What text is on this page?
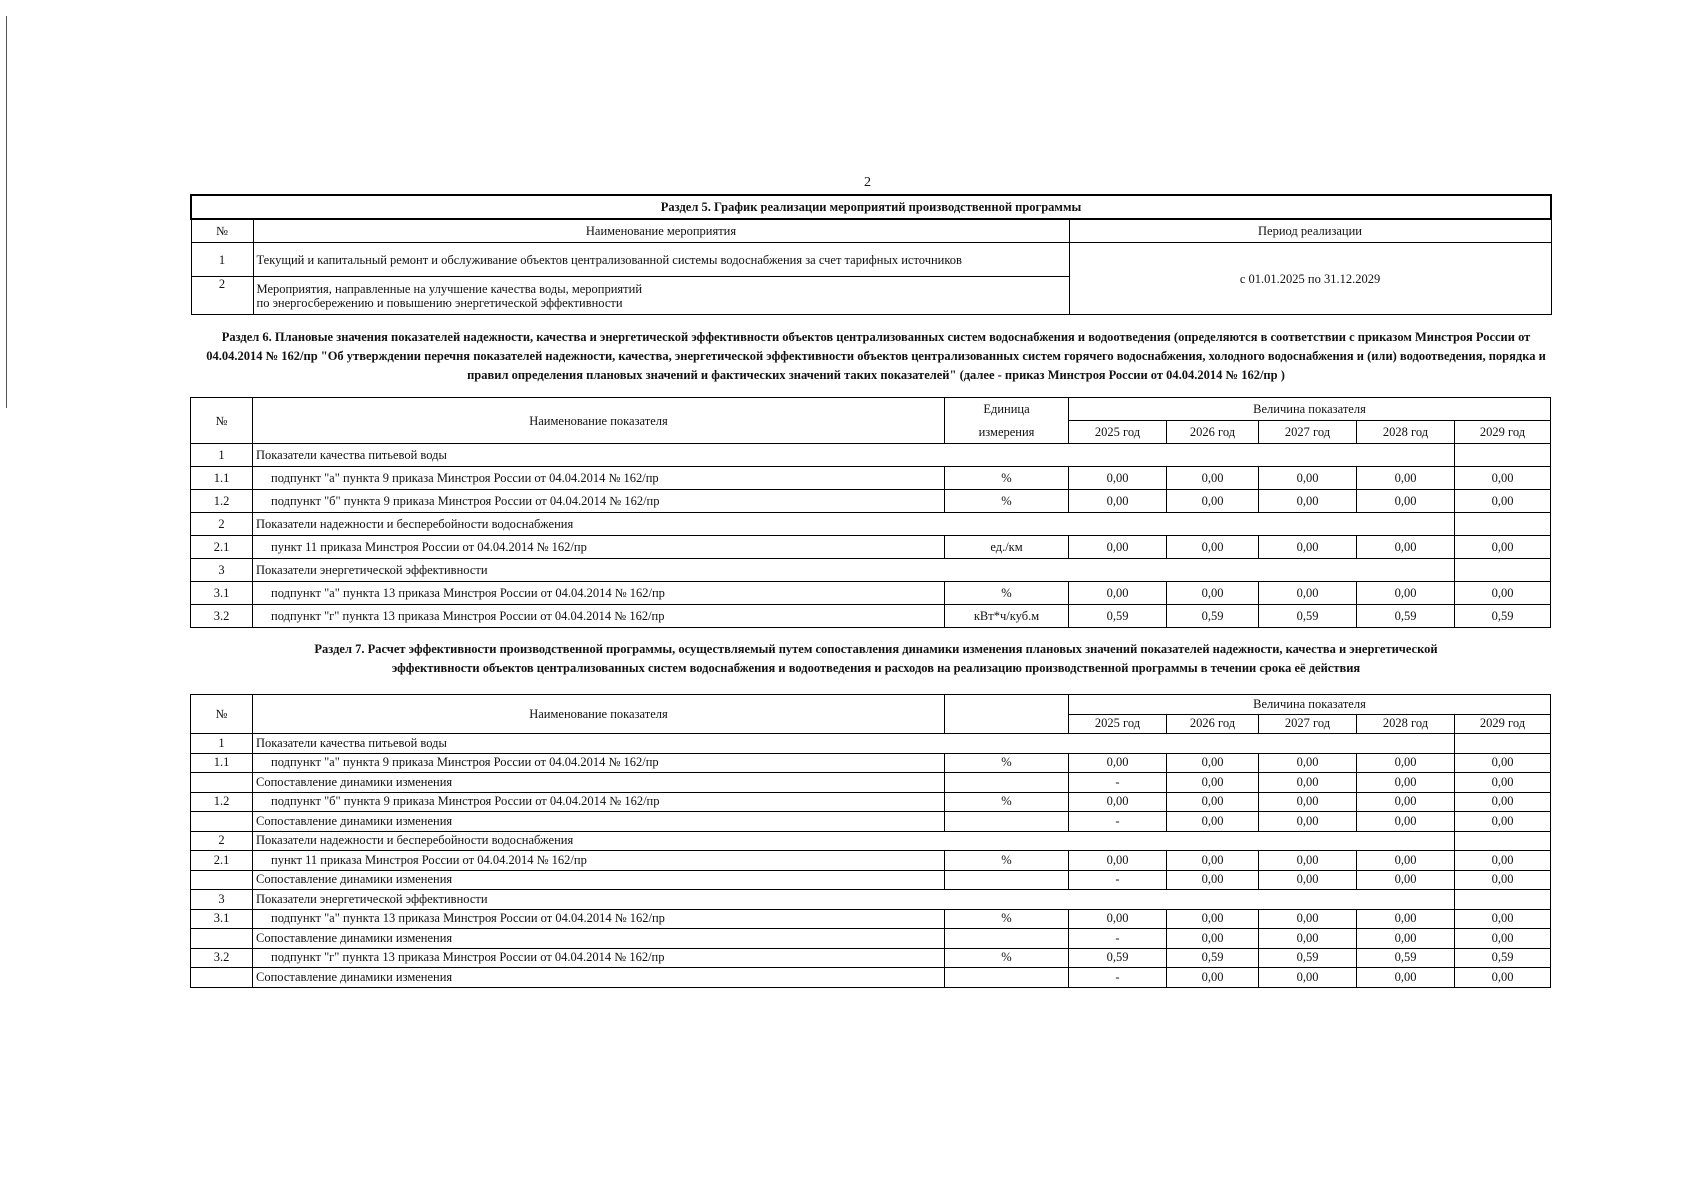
2
Раздел 5. График реализации мероприятий производственной программы		
№	Наименование мероприятия	Период реализации
1	Текущий и капитальный ремонт и обслуживание объектов централизованной системы водоснабжения за счет тарифных источников	с 01.01.2025 по 31.12.2029
2	Мероприятия, направленные на улучшение качества воды, мероприятий
по энергосбережению и повышению энергетической эффективности	
Раздел 6. Плановые значения показателей надежности, качества и энергетической эффективности объектов централизованных систем водоснабжения и водоотведения (определяются в соответствии с приказом Минстроя России от 04.04.2014 № 162/пр "Об утверждении перечня показателей надежности, качества, энергетической эффективности объектов централизованных систем горячего водоснабжения, холодного водоснабжения и (или) водоотведения, порядка и правил определения плановых значений и фактических значений таких показателей" (далее - приказ Минстроя России от 04.04.2014 № 162/пр )
№	Наименование показателя	Единица	Величина показателя					
		измерения	2025 год	2026 год	2027 год	2028 год	2029 год	
1	Показатели качества питьевой воды							
1.1	подпункт "а" пункта 9 приказа Минстроя России от 04.04.2014 № 162/пр	%	0,00	0,00	0,00	0,00	0,00	
1.2	подпункт "б" пункта 9 приказа Минстроя России от 04.04.2014 № 162/пр	%	0,00	0,00	0,00	0,00	0,00	
2	Показатели надежности и бесперебойности водоснабжения							
2.1	пункт 11 приказа Минстроя России от 04.04.2014 № 162/пр	ед./км	0,00	0,00	0,00	0,00	0,00	
3	Показатели энергетической эффективности							
3.1	подпункт "а" пункта 13 приказа Минстроя России от 04.04.2014 № 162/пр	%	0,00	0,00	0,00	0,00	0,00	
3.2	подпункт "г" пункта 13 приказа Минстроя России от 04.04.2014 № 162/пр	кВт*ч/куб.м	0,59	0,59	0,59	0,59	0,59	
Раздел 7. Расчет эффективности производственной программы, осуществляемый путем сопоставления динамики изменения плановых значений показателей надежности, качества и энергетической
эффективности объектов централизованных систем водоснабжения и водоотведения и расходов на реализацию производственной программы в течении срока её действия
№	Наименование показателя		Величина показателя					
			2025 год	2026 год	2027 год	2028 год	2029 год	
1	Показатели качества питьевой воды							
1.1	подпункт "а" пункта 9 приказа Минстроя России от 04.04.2014 № 162/пр	%	0,00	0,00	0,00	0,00	0,00	
	Сопоставление динамики изменения		-	0,00	0,00	0,00	0,00	
1.2	подпункт "б" пункта 9 приказа Минстроя России от 04.04.2014 № 162/пр	%	0,00	0,00	0,00	0,00	0,00	
	Сопоставление динамики изменения		-	0,00	0,00	0,00	0,00	
2	Показатели надежности и бесперебойности водоснабжения							
2.1	пункт 11 приказа Минстроя России от 04.04.2014 № 162/пр	%	0,00	0,00	0,00	0,00	0,00	
	Сопоставление динамики изменения		-	0,00	0,00	0,00	0,00	
3	Показатели энергетической эффективности							
3.1	подпункт "а" пункта 13 приказа Минстроя России от 04.04.2014 № 162/пр	%	0,00	0,00	0,00	0,00	0,00	
	Сопоставление динамики изменения		-	0,00	0,00	0,00	0,00	
3.2	подпункт "г" пункта 13 приказа Минстроя России от 04.04.2014 № 162/пр	%	0,59	0,59	0,59	0,59	0,59	
	Сопоставление динамики изменения		-	0,00	0,00	0,00	0,00	
